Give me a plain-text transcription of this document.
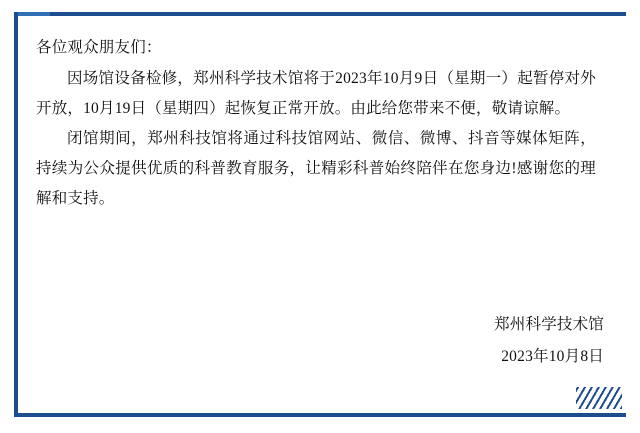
各位观众朋友们：

因场馆设备检修，郑州科学技术馆将于2023年10月9日（星期一）起暂停对外开放，10月19日（星期四）起恢复正常开放。由此给您带来不便，敬请谅解。

闭馆期间，郑州科技馆将通过科技馆网站、微信、微博、抖音等媒体矩阵，持续为公众提供优质的科普教育服务，让精彩科普始终陪伴在您身边!感谢您的理解和支持。

郑州科学技术馆
2023年10月8日
